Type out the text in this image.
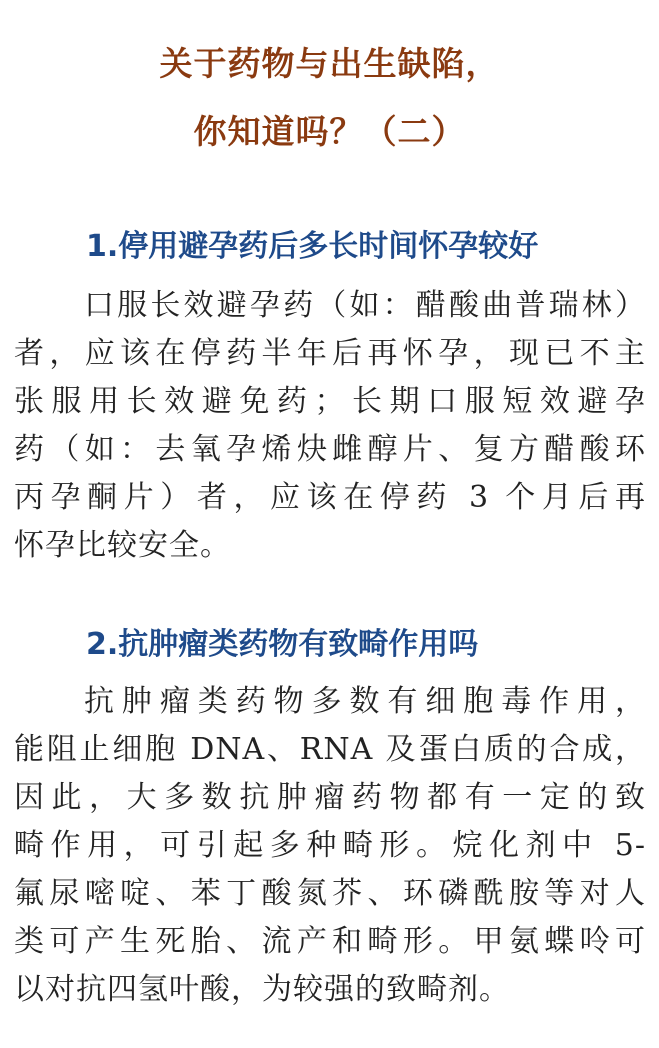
关于药物与出生缺陷，
你知道吗？（二）
1.停用避孕药后多长时间怀孕较好
口服长效避孕药（如：醋酸曲普瑞林）
者，应该在停药半年后再怀孕，现已不主
张服用长效避免药；长期口服短效避孕
药（如：去氧孕烯炔雌醇片、复方醋酸环
丙孕酮片）者，应该在停药 3 个月后再
怀孕比较安全。
2.抗肿瘤类药物有致畸作用吗
抗肿瘤类药物多数有细胞毒作用，
能阻止细胞 DNA、RNA 及蛋白质的合成，
因此，大多数抗肿瘤药物都有一定的致
畸作用，可引起多种畸形。烷化剂中 5-
氟尿嘧啶、苯丁酸氮芥、环磷酰胺等对人
类可产生死胎、流产和畸形。甲氨蝶呤可
以对抗四氢叶酸，为较强的致畸剂。
